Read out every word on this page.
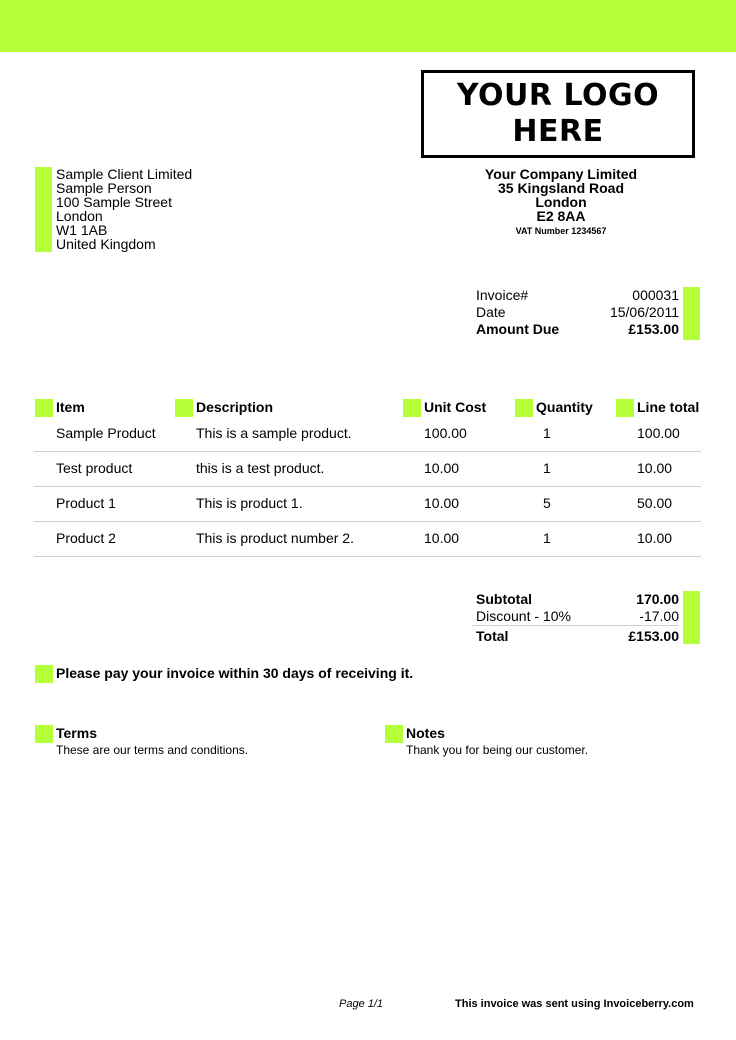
YOUR LOGO
HERE
Sample Client Limited
Sample Person
100 Sample Street
London
W1 1AB
United Kingdom
Your Company Limited
35 Kingsland Road
London
E2 8AA
VAT Number 1234567
Invoice#	000031
Date	15/06/2011
Amount Due	£153.00
Item	Description	Unit Cost	Quantity	Line total
Sample Product	This is a sample product.	100.00	1	100.00
Test product	this is a test product.	10.00	1	10.00
Product 1	This is product 1.	10.00	5	50.00
Product 2	This is product number 2.	10.00	1	10.00
Subtotal	170.00
Discount - 10%	-17.00
Total	£153.00
Please pay your invoice within 30 days of receiving it.
Terms
These are our terms and conditions.
Notes
Thank you for being our customer.
Page 1/1	This invoice was sent using Invoiceberry.com
